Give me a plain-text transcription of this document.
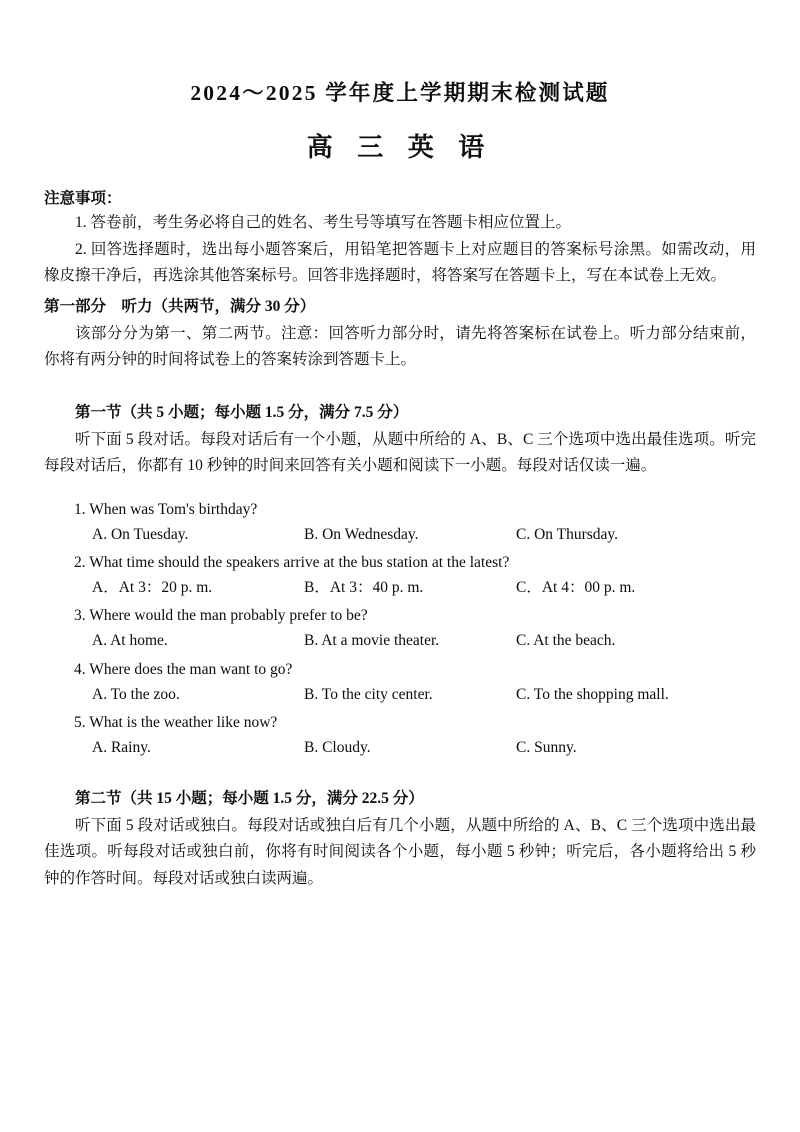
2024～2025 学年度上学期期末检测试题
高 三 英 语
注意事项：

1. 答卷前，考生务必将自己的姓名、考生号等填写在答题卡相应位置上。

2. 回答选择题时，选出每小题答案后，用铅笔把答题卡上对应题目的答案标号涂黑。如需改动，用橡皮擦干净后，再选涂其他答案标号。回答非选择题时，将答案写在答题卡上，写在本试卷上无效。

第一部分　听力（共两节，满分 30 分）

该部分分为第一、第二两节。注意：回答听力部分时，请先将答案标在试卷上。听力部分结束前，你将有两分钟的时间将试卷上的答案转涂到答题卡上。

第一节（共 5 小题；每小题 1.5 分，满分 7.5 分）

听下面 5 段对话。每段对话后有一个小题，从题中所给的 A、B、C 三个选项中选出最佳选项。听完每段对话后，你都有 10 秒钟的时间来回答有关小题和阅读下一小题。每段对话仅读一遍。

1. When was Tom's birthday?
A. On Tuesday.	B. On Wednesday.	C. On Thursday.
2. What time should the speakers arrive at the bus station at the latest?
A．At 3：20 p. m.	B．At 3：40 p. m.	C．At 4：00 p. m.
3. Where would the man probably prefer to be?
A. At home.	B. At a movie theater.	C. At the beach.
4. Where does the man want to go?
A. To the zoo.	B. To the city center.	C. To the shopping mall.
5. What is the weather like now?
A. Rainy.	B. Cloudy.	C. Sunny.
第二节（共 15 小题；每小题 1.5 分，满分 22.5 分）

听下面 5 段对话或独白。每段对话或独白后有几个小题，从题中所给的 A、B、C 三个选项中选出最佳选项。听每段对话或独白前，你将有时间阅读各个小题，每小题 5 秒钟；听完后，各小题将给出 5 秒钟的作答时间。每段对话或独白读两遍。
